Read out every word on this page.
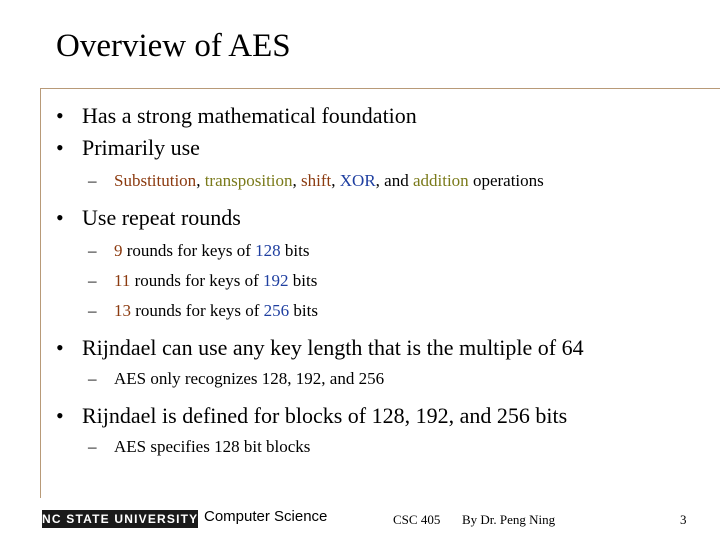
Overview of AES
• Has a strong mathematical foundation
• Primarily use
– Substitution, transposition, shift, XOR, and addition operations
• Use repeat rounds
– 9 rounds for keys of 128 bits
– 11 rounds for keys of 192 bits
– 13 rounds for keys of 256 bits
• Rijndael can use any key length that is the multiple of 64
– AES only recognizes 128, 192, and 256
• Rijndael is defined for blocks of 128, 192, and 256 bits
– AES specifies 128 bit blocks
NC STATE UNIVERSITY Computer Science	CSC 405 By Dr. Peng Ning	3
